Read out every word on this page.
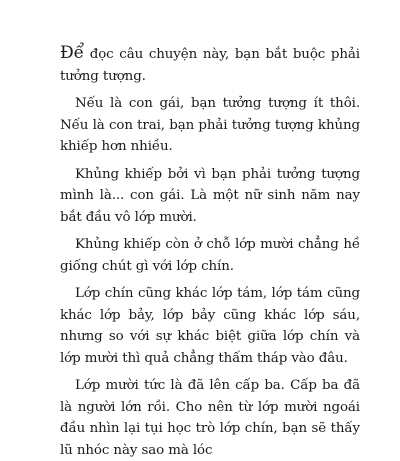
Để đọc câu chuyện này, bạn bắt buộc phải tưởng tượng.

Nếu là con gái, bạn tưởng tượng ít thôi. Nếu là con trai, bạn phải tưởng tượng khủng khiếp hơn nhiều.

Khủng khiếp bởi vì bạn phải tưởng tượng mình là... con gái. Là một nữ sinh năm nay bắt đầu vô lớp mười.

Khủng khiếp còn ở chỗ lớp mười chẳng hề giống chút gì với lớp chín.

Lớp chín cũng khác lớp tám, lớp tám cũng khác lớp bảy, lớp bảy cũng khác lớp sáu, nhưng so với sự khác biệt giữa lớp chín và lớp mười thì quả chẳng thấm tháp vào đâu.

Lớp mười tức là đã lên cấp ba. Cấp ba đã là người lớn rồi. Cho nên từ lớp mười ngoái đầu nhìn lại tụi học trò lớp chín, bạn sẽ thấy lũ nhóc này sao mà lóc
